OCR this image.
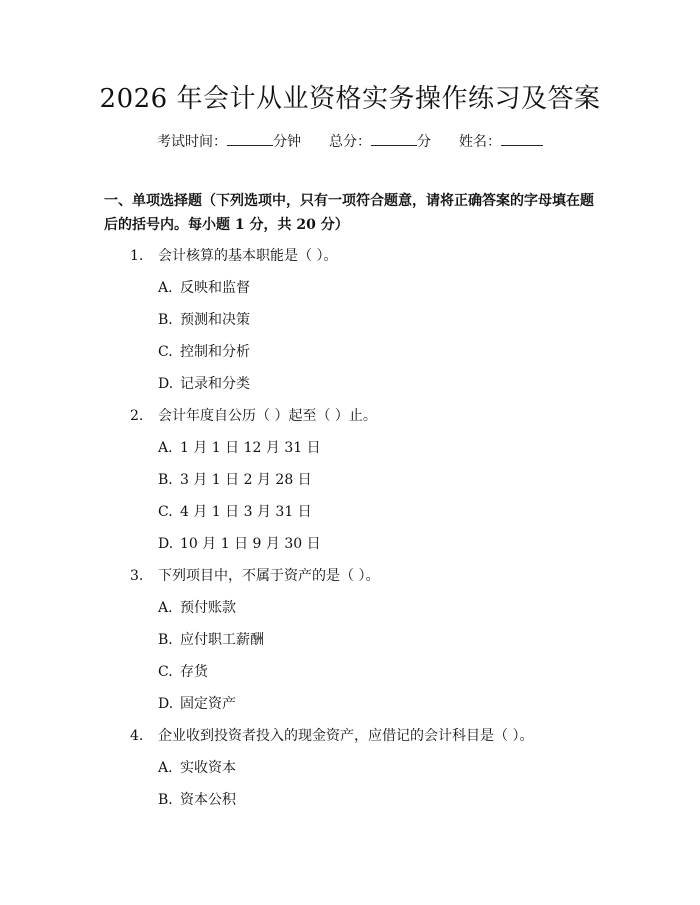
2026 年会计从业资格实务操作练习及答案
考试时间：	分钟 总分：	分 姓名：
一、单项选择题（下列选项中，只有一项符合题意，请将正确答案的字母填在题后的括号内。每小题 1 分，共 20 分）
1. 会计核算的基本职能是（ ）。
A. 反映和监督
B. 预测和决策
C. 控制和分析
D. 记录和分类
2. 会计年度自公历（ ）起至（ ）止。
A. 1 月 1 日 12 月 31 日
B. 3 月 1 日 2 月 28 日
C. 4 月 1 日 3 月 31 日
D. 10 月 1 日 9 月 30 日
3. 下列项目中，不属于资产的是（ ）。
A. 预付账款
B. 应付职工薪酬
C. 存货
D. 固定资产
4. 企业收到投资者投入的现金资产，应借记的会计科目是（ ）。
A. 实收资本
B. 资本公积
